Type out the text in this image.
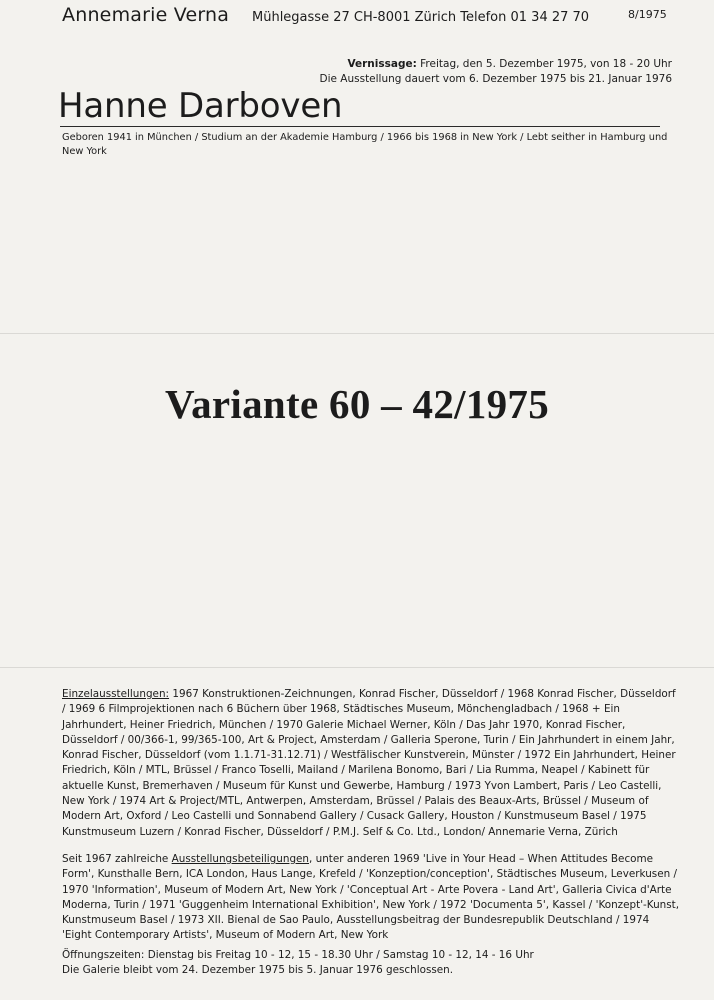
Annemarie Verna Mühlegasse 27 CH-8001 Zürich Telefon 01 34 27 70	8/1975
Vernissage: Freitag, den 5. Dezember 1975, von 18 - 20 Uhr
Die Ausstellung dauert vom 6. Dezember 1975 bis 21. Januar 1976
Hanne Darboven
Geboren 1941 in München / Studium an der Akademie Hamburg / 1966 bis 1968 in New York / Lebt seither in Hamburg und New York
Variante 60 – 42/1975
Einzelausstellungen: 1967 Konstruktionen-Zeichnungen, Konrad Fischer, Düsseldorf / 1968 Konrad Fischer, Düsseldorf / 1969 6 Filmprojektionen nach 6 Büchern über 1968, Städtisches Museum, Mönchengladbach / 1968 + Ein Jahrhundert, Heiner Friedrich, München / 1970 Galerie Michael Werner, Köln / Das Jahr 1970, Konrad Fischer, Düsseldorf / 00/366-1, 99/365-100, Art & Project, Amsterdam / Galleria Sperone, Turin / Ein Jahrhundert in einem Jahr, Konrad Fischer, Düsseldorf (vom 1.1.71-31.12.71) / Westfälischer Kunstverein, Münster / 1972 Ein Jahrhundert, Heiner Friedrich, Köln / MTL, Brüssel / Franco Toselli, Mailand / Marilena Bonomo, Bari / Lia Rumma, Neapel / Kabinett für aktuelle Kunst, Bremerhaven / Museum für Kunst und Gewerbe, Hamburg / 1973 Yvon Lambert, Paris / Leo Castelli, New York / 1974 Art & Project/MTL, Antwerpen, Amsterdam, Brüssel / Palais des Beaux-Arts, Brüssel / Museum of Modern Art, Oxford / Leo Castelli und Sonnabend Gallery / Cusack Gallery, Houston / Kunstmuseum Basel / 1975 Kunstmuseum Luzern / Konrad Fischer, Düsseldorf / P.M.J. Self & Co. Ltd., London/ Annemarie Verna, Zürich
Seit 1967 zahlreiche Ausstellungsbeteiligungen, unter anderen 1969 'Live in Your Head – When Attitudes Become Form', Kunsthalle Bern, ICA London, Haus Lange, Krefeld / 'Konzeption/conception', Städtisches Museum, Leverkusen / 1970 'Information', Museum of Modern Art, New York / 'Conceptual Art - Arte Povera - Land Art', Galleria Civica d'Arte Moderna, Turin / 1971 'Guggenheim International Exhibition', New York / 1972 'Documenta 5', Kassel / 'Konzept'-Kunst, Kunstmuseum Basel / 1973 XII. Bienal de Sao Paulo, Ausstellungsbeitrag der Bundesrepublik Deutschland / 1974 'Eight Contemporary Artists', Museum of Modern Art, New York
Öffnungszeiten: Dienstag bis Freitag 10 - 12, 15 - 18.30 Uhr / Samstag 10 - 12, 14 - 16 Uhr
Die Galerie bleibt vom 24. Dezember 1975 bis 5. Januar 1976 geschlossen.
